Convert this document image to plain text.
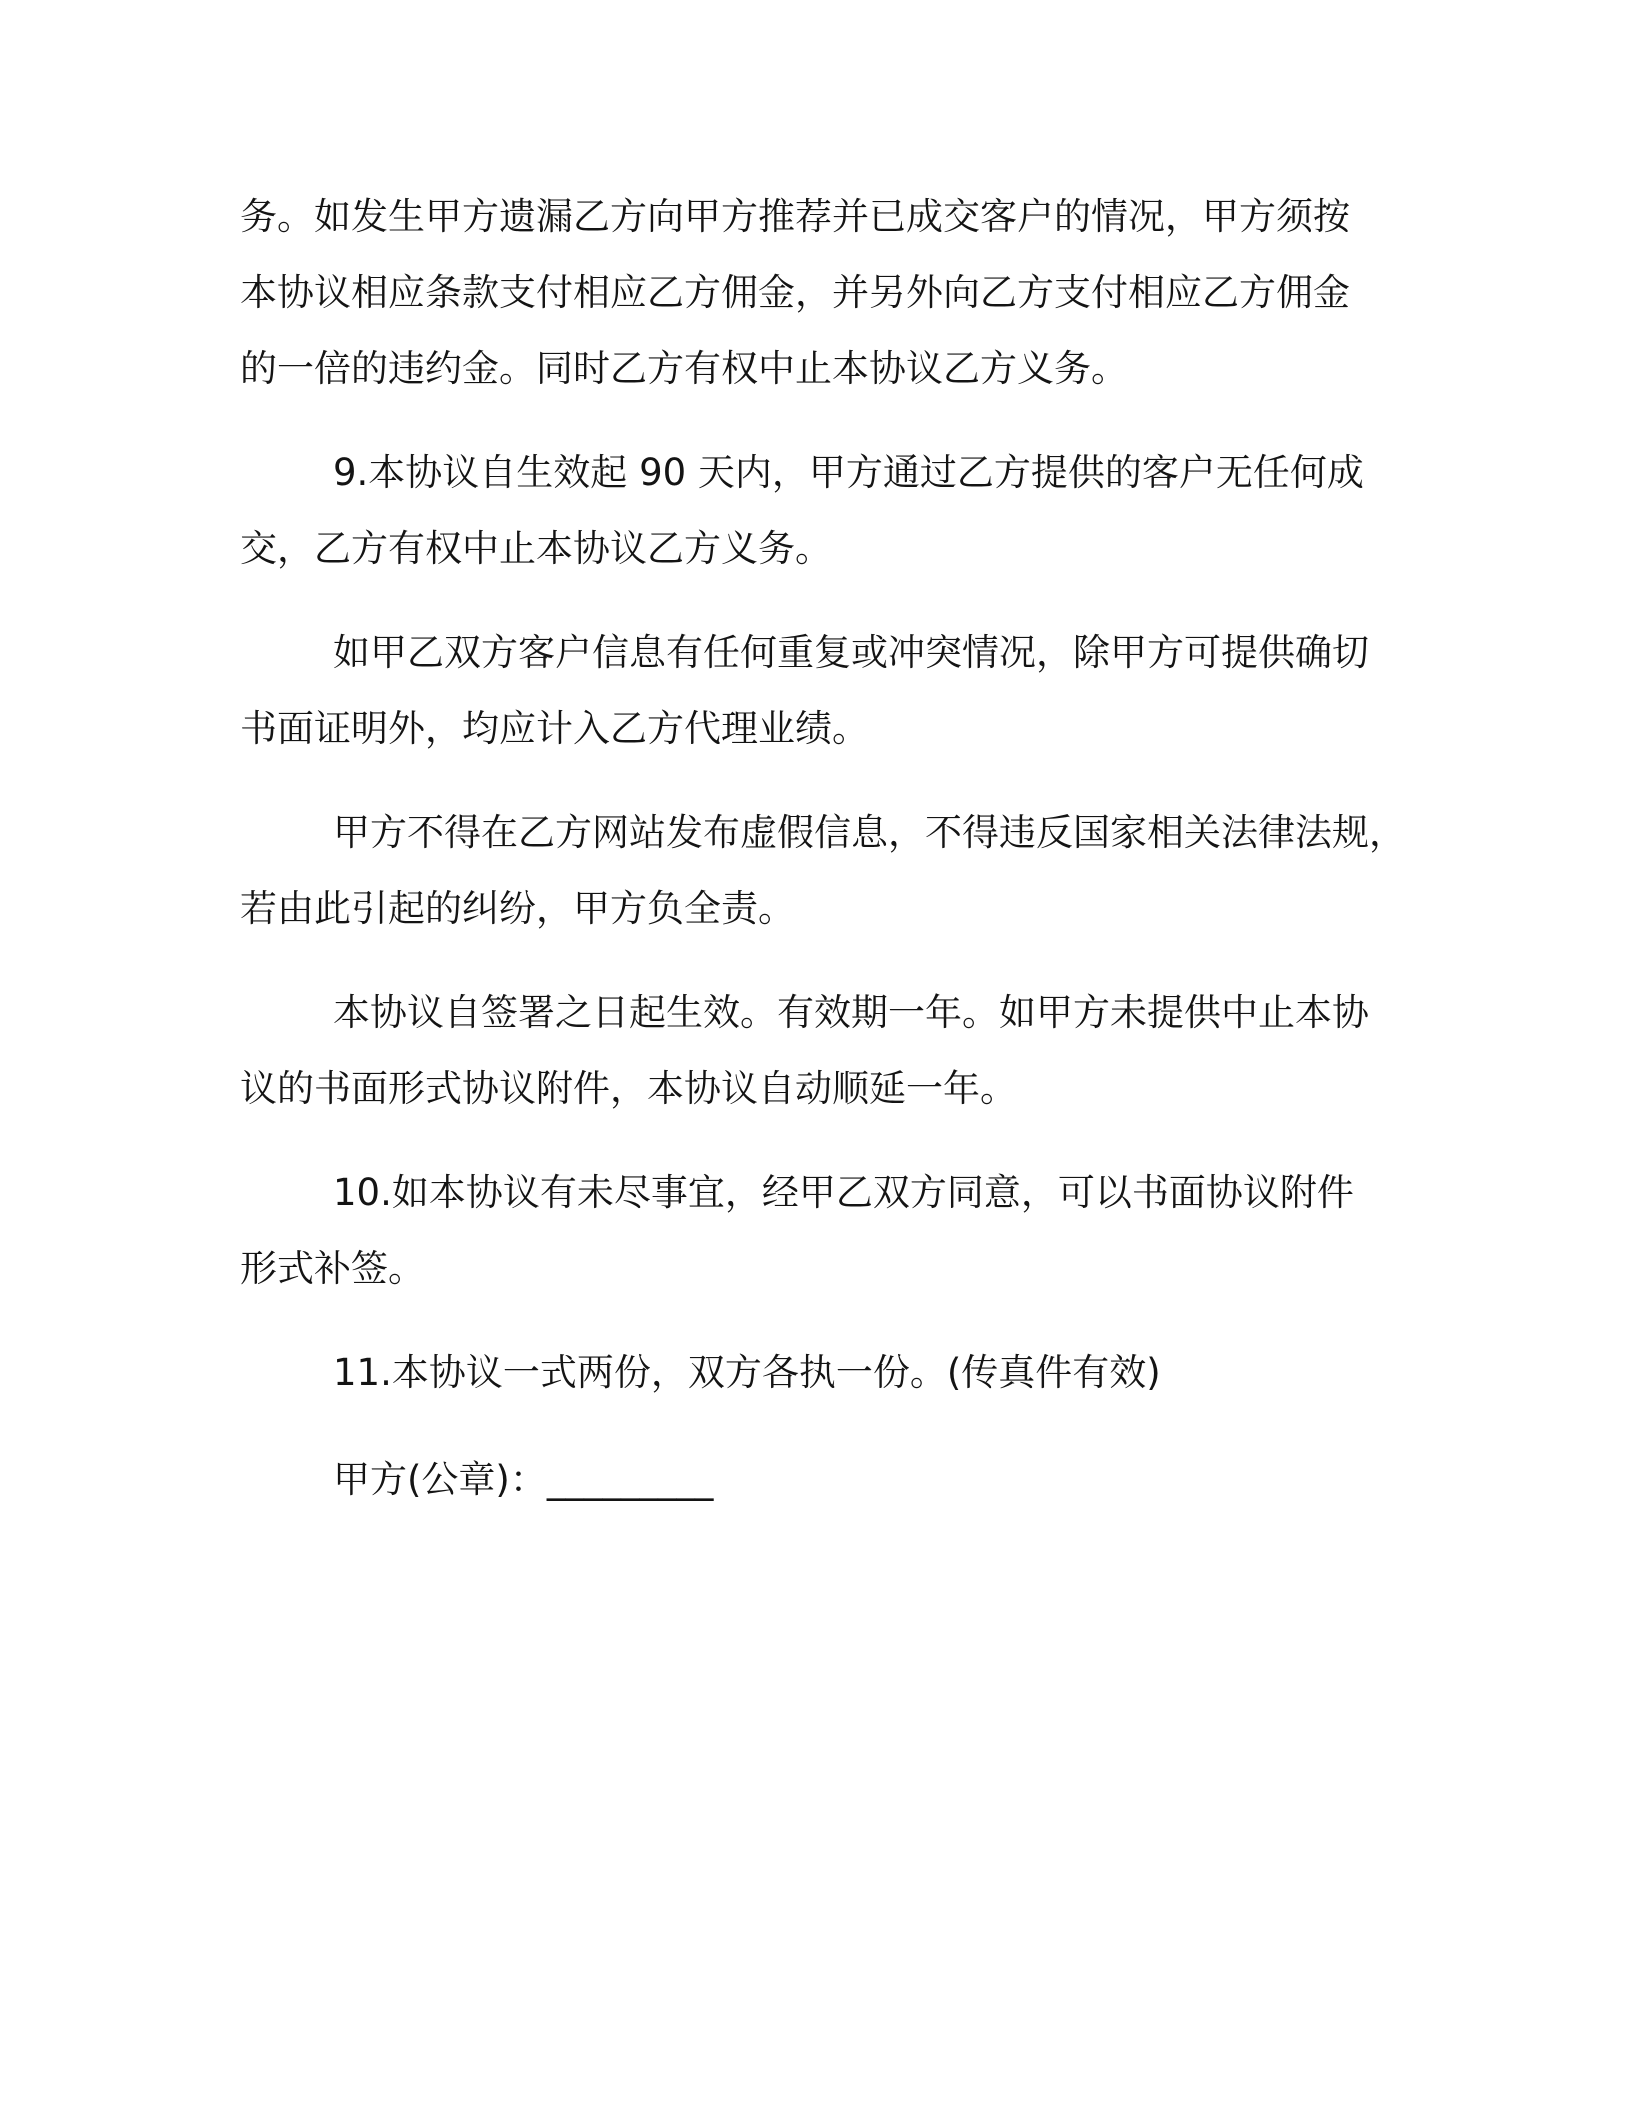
务。如发生甲方遗漏乙方向甲方推荐并已成交客户的情况，甲方须按
本协议相应条款支付相应乙方佣金，并另外向乙方支付相应乙方佣金
的一倍的违约金。同时乙方有权中止本协议乙方义务。
9.本协议自生效起 90 天内，甲方通过乙方提供的客户无任何成
交，乙方有权中止本协议乙方义务。
如甲乙双方客户信息有任何重复或冲突情况，除甲方可提供确切
书面证明外，均应计入乙方代理业绩。
甲方不得在乙方网站发布虚假信息，不得违反国家相关法律法规，
若由此引起的纠纷，甲方负全责。
本协议自签署之日起生效。有效期一年。如甲方未提供中止本协
议的书面形式协议附件，本协议自动顺延一年。
10.如本协议有未尽事宜，经甲乙双方同意，可以书面协议附件
形式补签。
11.本协议一式两份，双方各执一份。(传真件有效)
甲方(公章)：_________
